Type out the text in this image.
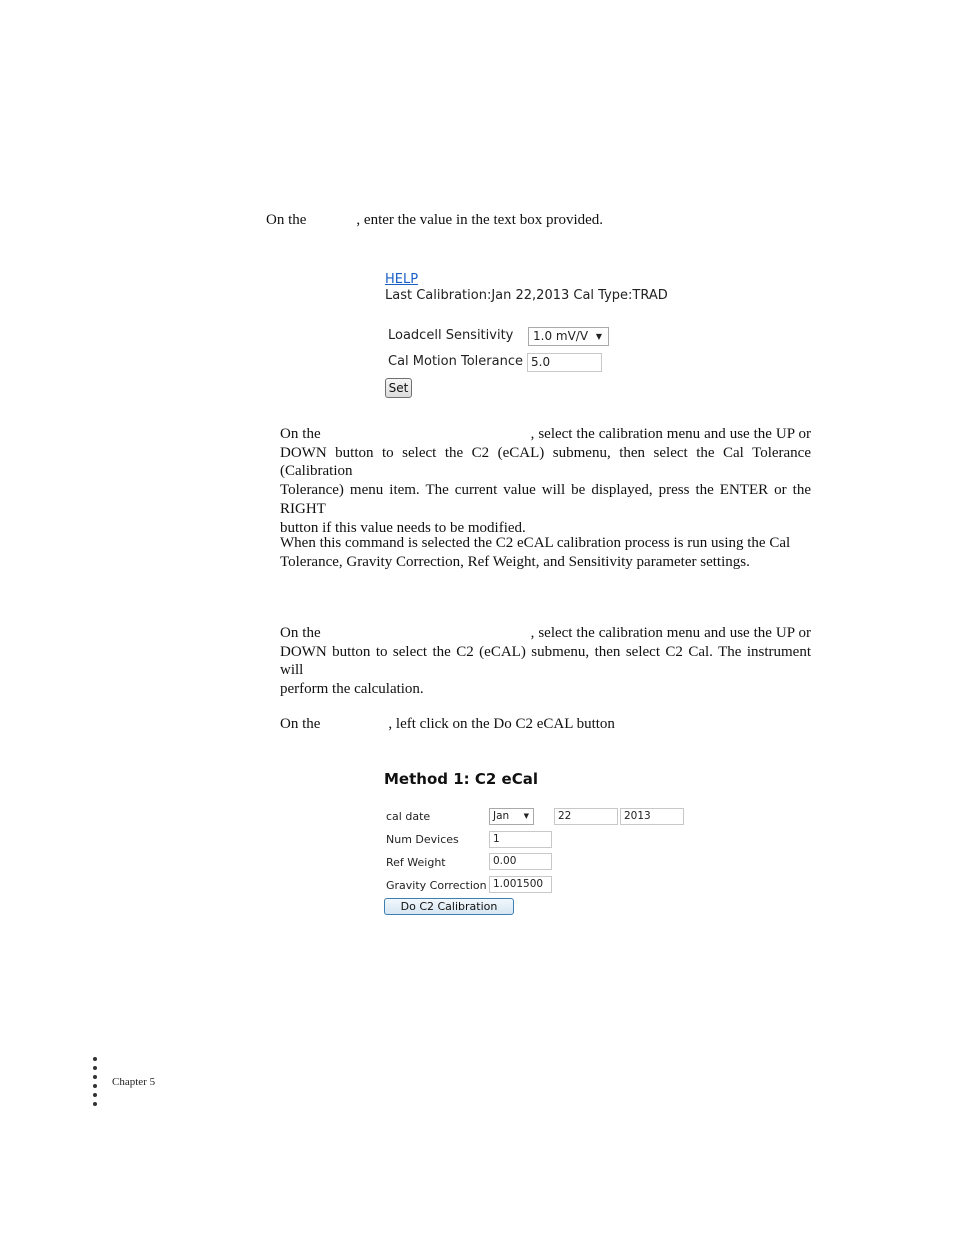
On the	, enter the value in the text box provided.

HELP
Last Calibration:Jan 22,2013 Cal Type:TRAD
Loadcell Sensitivity	1.0 mV/V ▼
Cal Motion Tolerance 5.0
Set
On the	, select the calibration menu and use the UP or
DOWN button to select the C2 (eCAL) submenu, then select the Cal Tolerance (Calibration
Tolerance) menu item. The current value will be displayed, press the ENTER or the RIGHT
button if this value needs to be modified.
When this command is selected the C2 eCAL calibration process is run using the Cal
Tolerance, Gravity Correction, Ref Weight, and Sensitivity parameter settings.
On the	, select the calibration menu and use the UP or
DOWN button to select the C2 (eCAL) submenu, then select C2 Cal. The instrument will
perform the calculation.

On the	, left click on the Do C2 eCAL button

Method 1: C2 eCal
cal date	Jan ▼	22	2013
Num Devices	1
Ref Weight	0.00
Gravity Correction 1.001500
Do C2 Calibration
Chapter 5
